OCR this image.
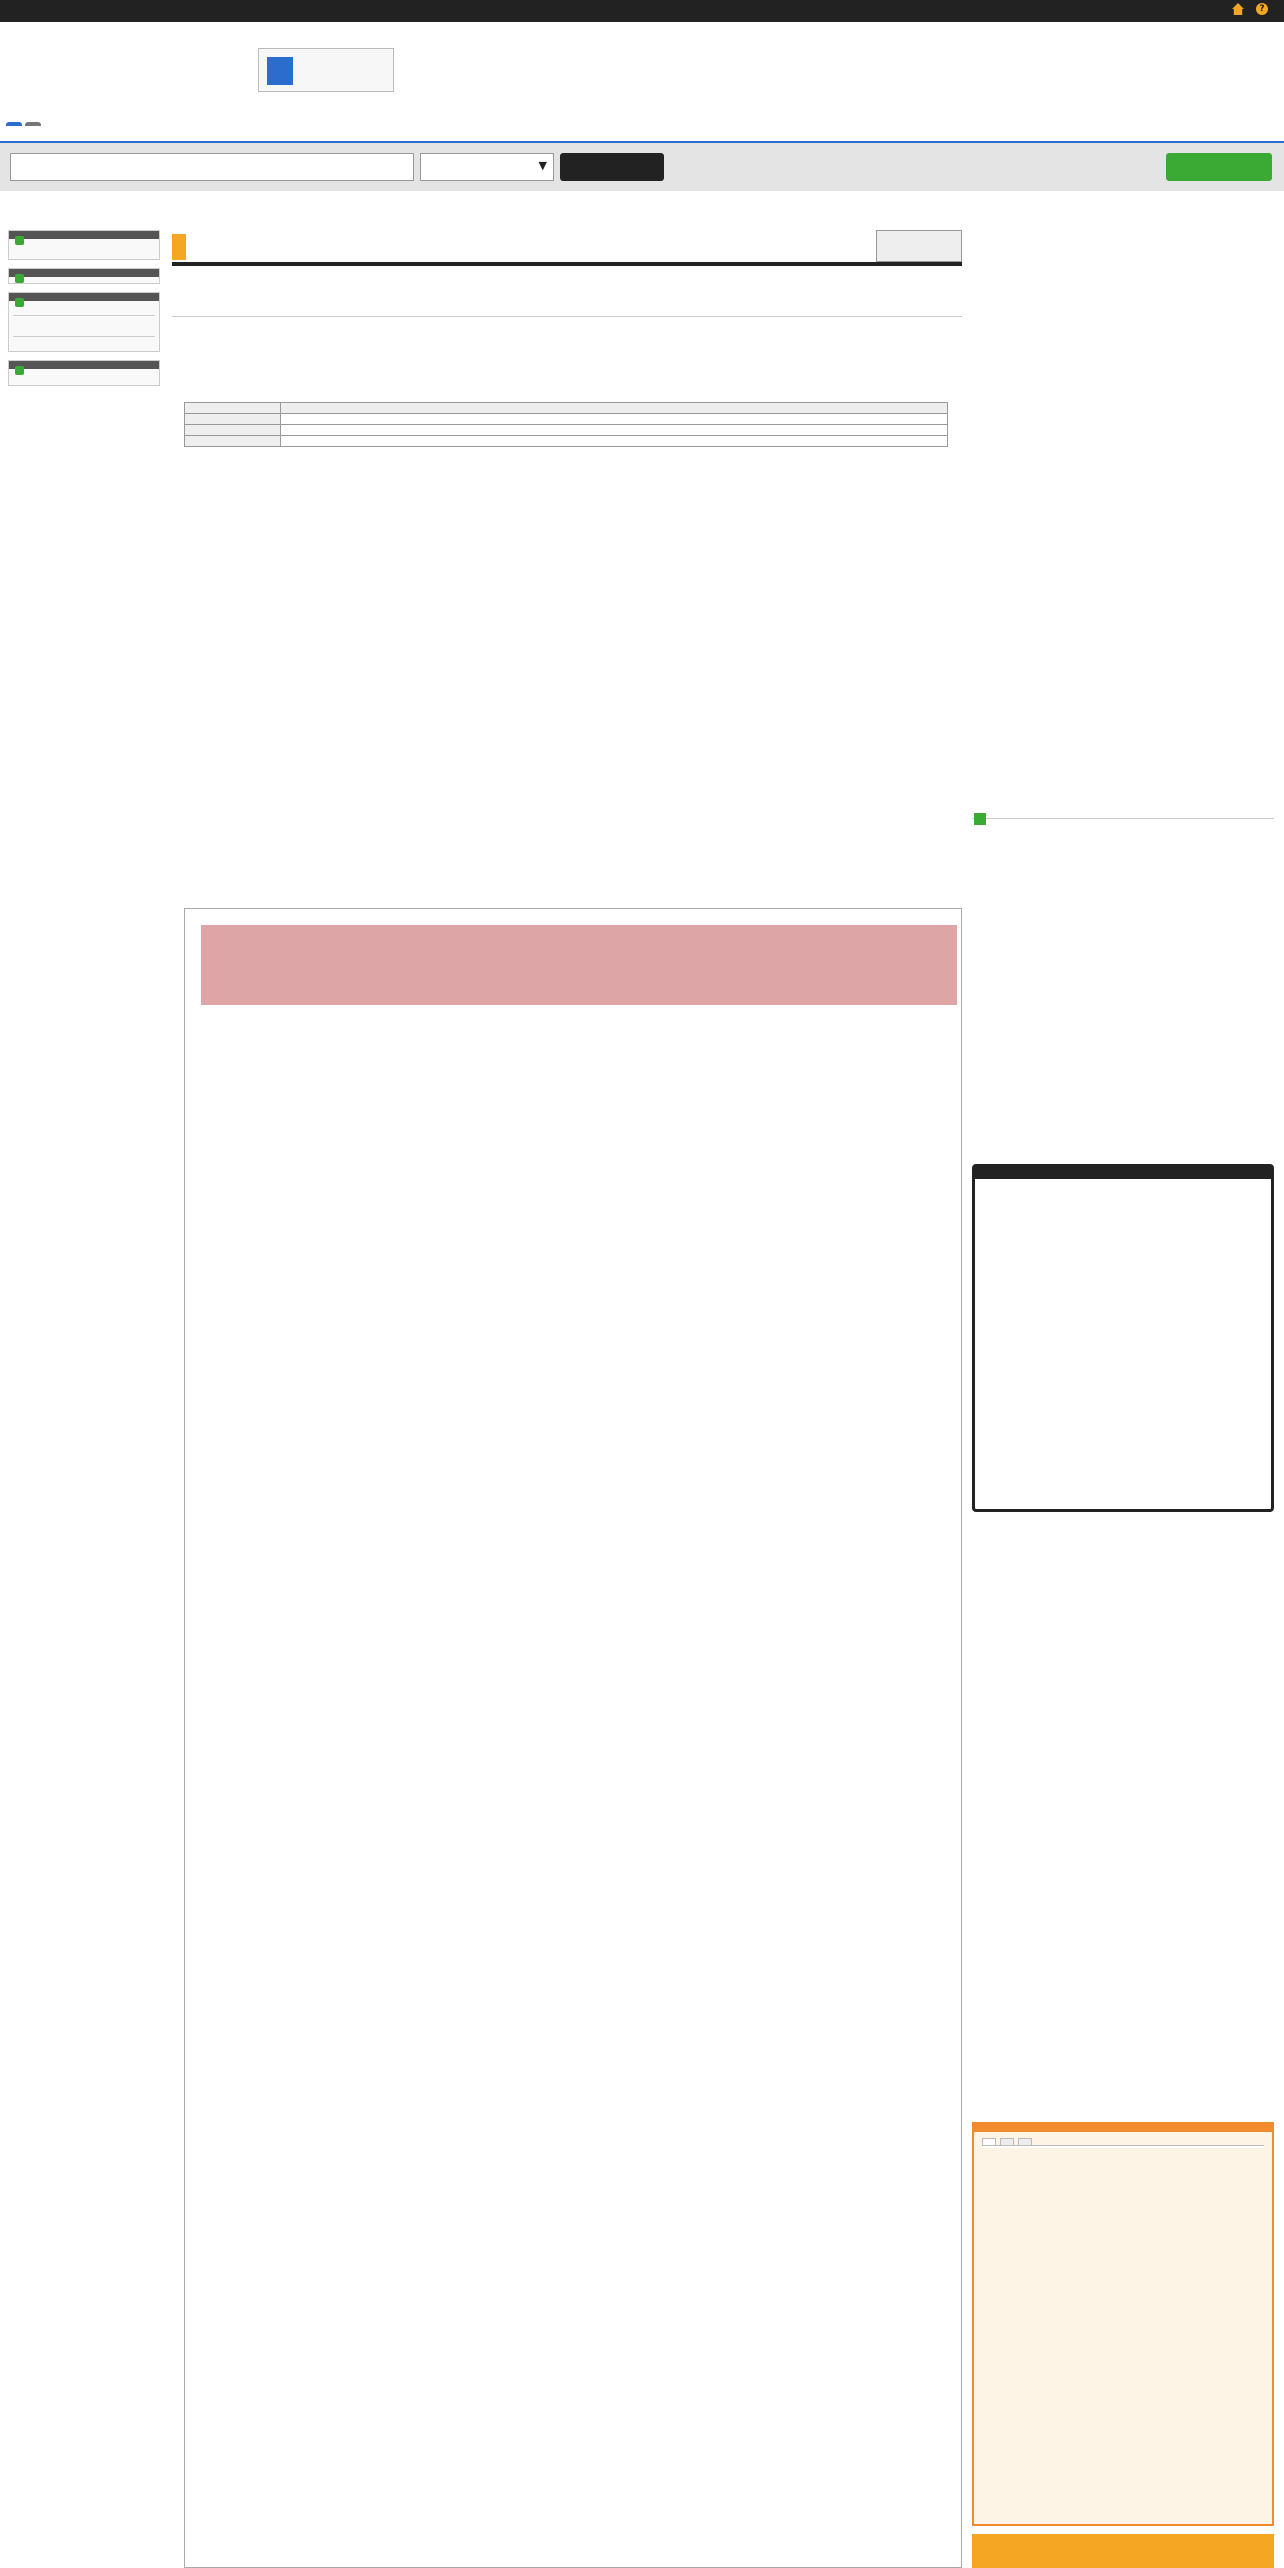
?
▼
